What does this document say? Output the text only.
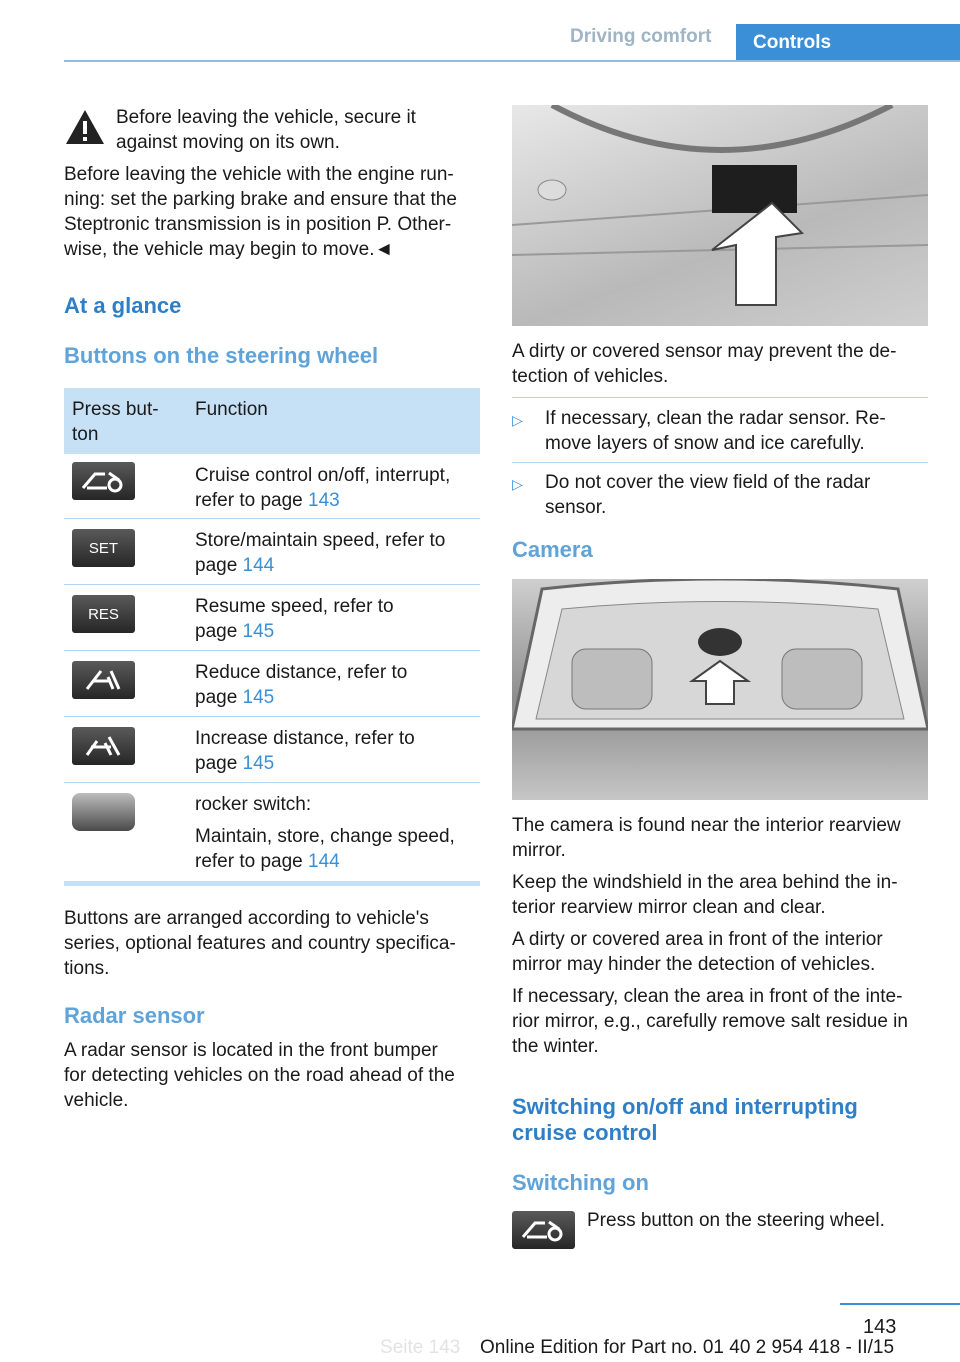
Driving comfort	Controls

Before leaving the vehicle, secure it

against moving on its own.

Before leaving the vehicle with the engine run-

ning: set the parking brake and ensure that the

Steptronic transmission is in position P. Other-

wise, the vehicle may begin to move.◄

At a glance
Buttons on the steering wheel
Press but-
ton
Function
Cruise control on/off, interrupt,
refer to page 143
SET	Store/maintain speed, refer to
page 144
RES	Resume speed, refer to
page 145
Reduce distance, refer to
page 145
Increase distance, refer to
page 145
rocker switch:
Maintain, store, change speed,
refer to page 144

Buttons are arranged according to vehicle's

series, optional features and country specifica-

tions.

Radar sensor

A radar sensor is located in the front bumper

for detecting vehicles on the road ahead of the

vehicle.

A dirty or covered sensor may prevent the de-

tection of vehicles.

▷	If necessary, clean the radar sensor. Re-
move layers of snow and ice carefully.
▷	Do not cover the view field of the radar
sensor.
Camera

The camera is found near the interior rearview

mirror.

Keep the windshield in the area behind the in-

terior rearview mirror clean and clear.

A dirty or covered area in front of the interior

mirror may hinder the detection of vehicles.

If necessary, clean the area in front of the inte-

rior mirror, e.g., carefully remove salt residue in

the winter.

Switching on/off and interrupting
cruise control
Switching on

Press button on the steering wheel.

143
Online Edition for Part no. 01 40 2 954 418 - II/15
Seite 143
